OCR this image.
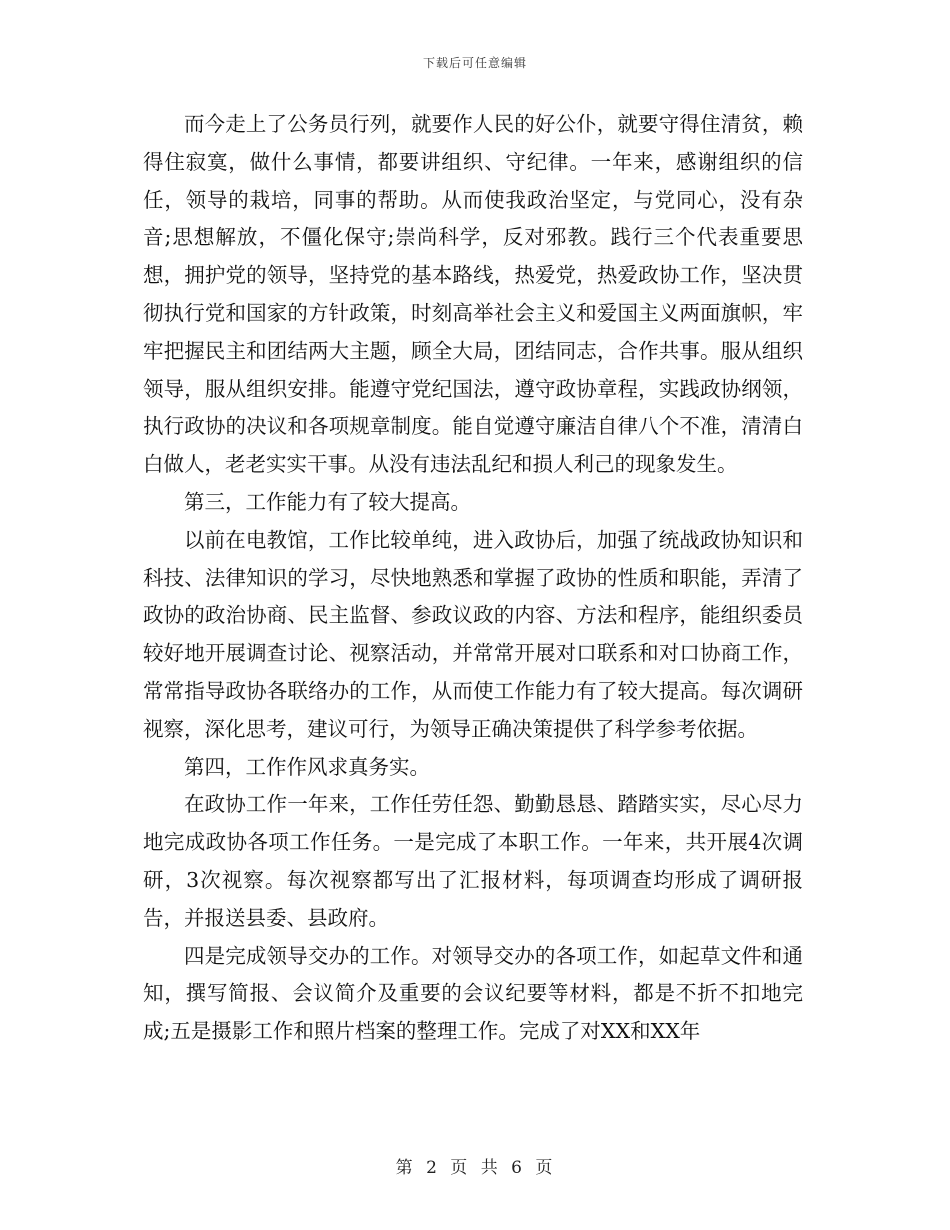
下载后可任意编辑

而今走上了公务员行列，就要作人民的好公仆，就要守得住清贫，赖得住寂寞，做什么事情，都要讲组织、守纪律。一年来，感谢组织的信任，领导的栽培，同事的帮助。从而使我政治坚定，与党同心，没有杂音;思想解放，不僵化保守;崇尚科学，反对邪教。践行三个代表重要思想，拥护党的领导，坚持党的基本路线，热爱党，热爱政协工作，坚决贯彻执行党和国家的方针政策，时刻高举社会主义和爱国主义两面旗帜，牢牢把握民主和团结两大主题，顾全大局，团结同志，合作共事。服从组织领导，服从组织安排。能遵守党纪国法，遵守政协章程，实践政协纲领，执行政协的决议和各项规章制度。能自觉遵守廉洁自律八个不准，清清白白做人，老老实实干事。从没有违法乱纪和损人利己的现象发生。

第三，工作能力有了较大提高。

以前在电教馆，工作比较单纯，进入政协后，加强了统战政协知识和科技、法律知识的学习，尽快地熟悉和掌握了政协的性质和职能，弄清了政协的政治协商、民主监督、参政议政的内容、方法和程序，能组织委员较好地开展调查讨论、视察活动，并常常开展对口联系和对口协商工作，常常指导政协各联络办的工作，从而使工作能力有了较大提高。每次调研视察，深化思考，建议可行，为领导正确决策提供了科学参考依据。

第四，工作作风求真务实。

在政协工作一年来，工作任劳任怨、勤勤恳恳、踏踏实实，尽心尽力地完成政协各项工作任务。一是完成了本职工作。一年来，共开展4次调研，3次视察。每次视察都写出了汇报材料，每项调查均形成了调研报告，并报送县委、县政府。

四是完成领导交办的工作。对领导交办的各项工作，如起草文件和通知，撰写简报、会议简介及重要的会议纪要等材料，都是不折不扣地完成;五是摄影工作和照片档案的整理工作。完成了对XX和XX年

第 2 页 共 6 页
